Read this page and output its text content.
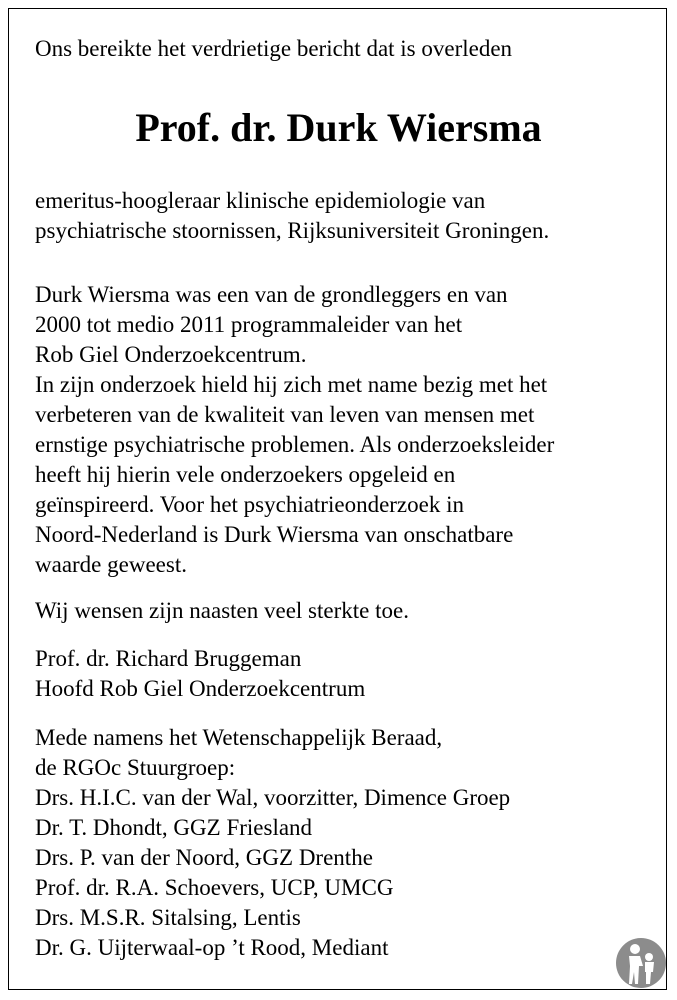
Ons bereikte het verdrietige bericht dat is overleden
Prof. dr. Durk Wiersma
emeritus-hoogleraar klinische epidemiologie van
psychiatrische stoornissen, Rijksuniversiteit Groningen.
Durk Wiersma was een van de grondleggers en van
2000 tot medio 2011 programmaleider van het
Rob Giel Onderzoekcentrum.
In zijn onderzoek hield hij zich met name bezig met het
verbeteren van de kwaliteit van leven van mensen met
ernstige psychiatrische problemen. Als onderzoeksleider
heeft hij hierin vele onderzoekers opgeleid en
geïnspireerd. Voor het psychiatrieonderzoek in
Noord-Nederland is Durk Wiersma van onschatbare
waarde geweest.
Wij wensen zijn naasten veel sterkte toe.
Prof. dr. Richard Bruggeman
Hoofd Rob Giel Onderzoekcentrum
Mede namens het Wetenschappelijk Beraad,
de RGOc Stuurgroep:
Drs. H.I.C. van der Wal, voorzitter, Dimence Groep
Dr. T. Dhondt, GGZ Friesland
Drs. P. van der Noord, GGZ Drenthe
Prof. dr. R.A. Schoevers, UCP, UMCG
Drs. M.S.R. Sitalsing, Lentis
Dr. G. Uijterwaal-op ’t Rood, Mediant
